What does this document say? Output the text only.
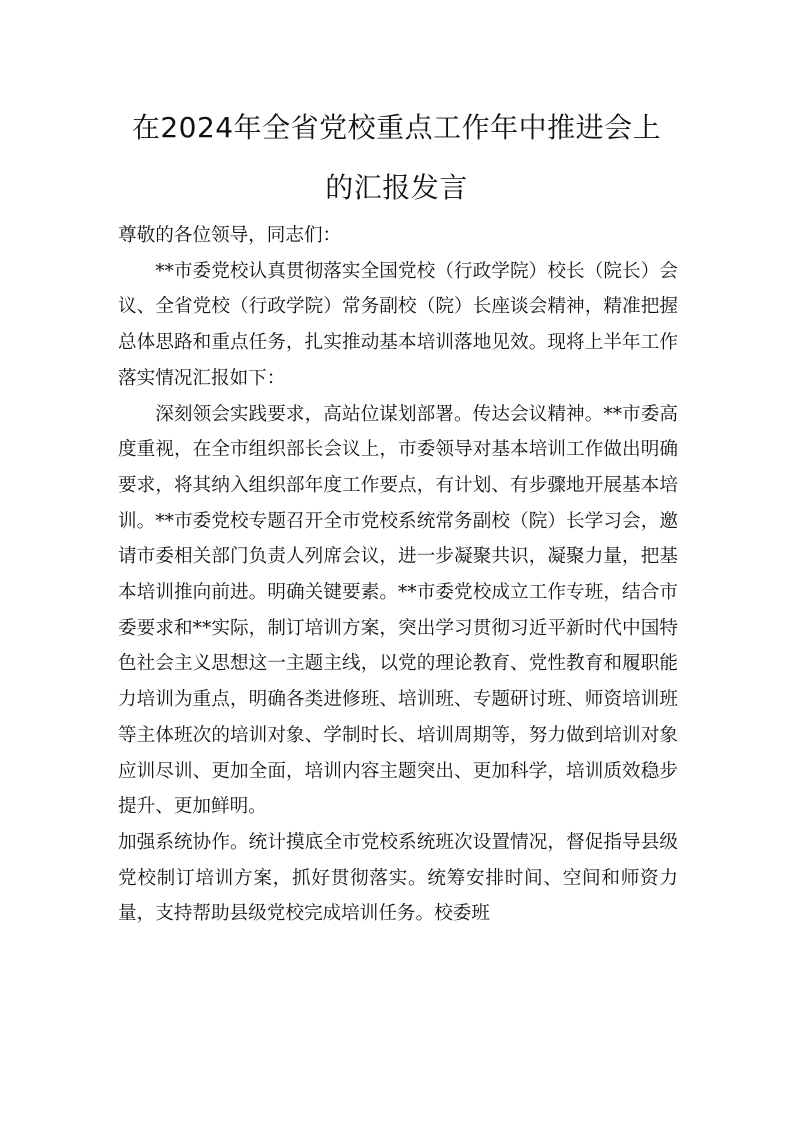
在2024年全省党校重点工作年中推进会上
的汇报发言

尊敬的各位领导，同志们：

**市委党校认真贯彻落实全国党校（行政学院）校长（院长）会议、全省党校（行政学院）常务副校（院）长座谈会精神，精准把握总体思路和重点任务，扎实推动基本培训落地见效。现将上半年工作落实情况汇报如下：

深刻领会实践要求，高站位谋划部署。传达会议精神。**市委高度重视，在全市组织部长会议上，市委领导对基本培训工作做出明确要求，将其纳入组织部年度工作要点，有计划、有步骤地开展基本培训。**市委党校专题召开全市党校系统常务副校（院）长学习会，邀请市委相关部门负责人列席会议，进一步凝聚共识，凝聚力量，把基本培训推向前进。明确关键要素。**市委党校成立工作专班，结合市委要求和**实际，制订培训方案，突出学习贯彻习近平新时代中国特色社会主义思想这一主题主线，以党的理论教育、党性教育和履职能力培训为重点，明确各类进修班、培训班、专题研讨班、师资培训班等主体班次的培训对象、学制时长、培训周期等，努力做到培训对象应训尽训、更加全面，培训内容主题突出、更加科学，培训质效稳步提升、更加鲜明。

加强系统协作。统计摸底全市党校系统班次设置情况，督促指导县级党校制订培训方案，抓好贯彻落实。统筹安排时间、空间和师资力量，支持帮助县级党校完成培训任务。校委班
